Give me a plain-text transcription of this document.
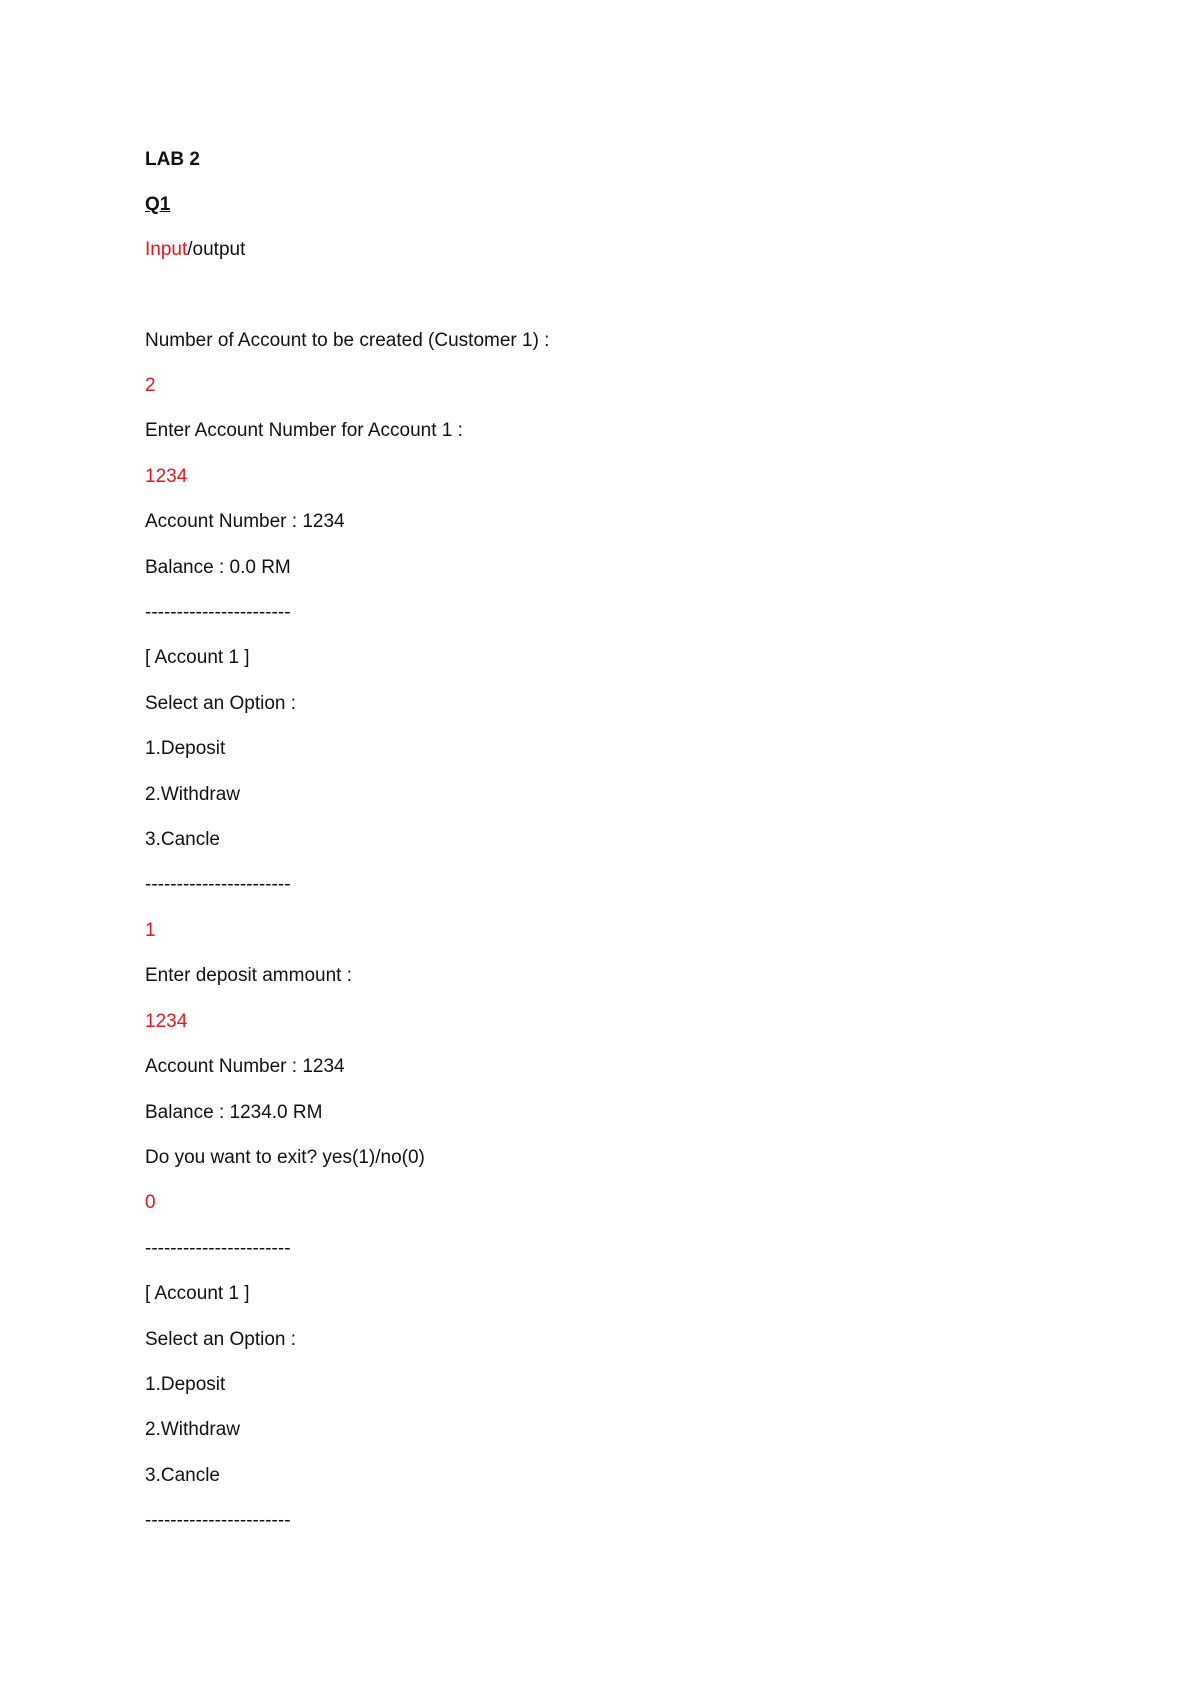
LAB 2
Q1
Input/output
Number of Account to be created (Customer 1) :
2
Enter Account Number for Account 1 :
1234
Account Number : 1234
Balance : 0.0 RM
-----------------------
[ Account 1 ]
Select an Option :
1.Deposit
2.Withdraw
3.Cancle
-----------------------
1
Enter deposit ammount :
1234
Account Number : 1234
Balance : 1234.0 RM
Do you want to exit? yes(1)/no(0)
0
-----------------------
[ Account 1 ]
Select an Option :
1.Deposit
2.Withdraw
3.Cancle
-----------------------
